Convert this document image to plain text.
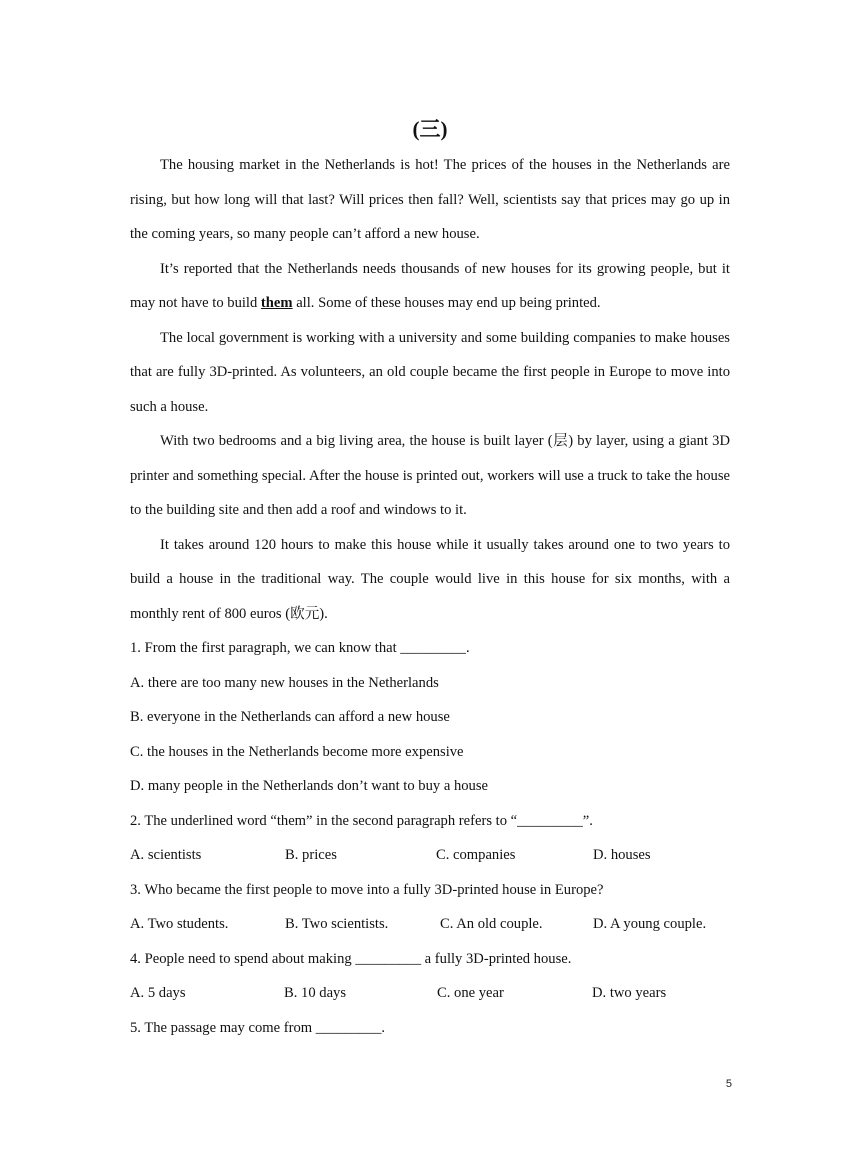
(三)

The housing market in the Netherlands is hot! The prices of the houses in the Netherlands are rising, but how long will that last? Will prices then fall? Well, scientists say that prices may go up in the coming years, so many people can’t afford a new house.

It’s reported that the Netherlands needs thousands of new houses for its growing people, but it may not have to build them all. Some of these houses may end up being printed.

The local government is working with a university and some building companies to make houses that are fully 3D-printed. As volunteers, an old couple became the first people in Europe to move into such a house.

With two bedrooms and a big living area, the house is built layer (层) by layer, using a giant 3D printer and something special. After the house is printed out, workers will use a truck to take the house to the building site and then add a roof and windows to it.

It takes around 120 hours to make this house while it usually takes around one to two years to build a house in the traditional way. The couple would live in this house for six months, with a monthly rent of 800 euros (欧元).

1. From the first paragraph, we can know that _________.

A. there are too many new houses in the Netherlands

B. everyone in the Netherlands can afford a new house

C. the houses in the Netherlands become more expensive

D. many people in the Netherlands don’t want to buy a house

2. The underlined word “them” in the second paragraph refers to “_________”.

A. scientists	B. prices	C. companies	D. houses

3. Who became the first people to move into a fully 3D-printed house in Europe?

A. Two students.	B. Two scientists.	C. An old couple.	D. A young couple.

4. People need to spend about making _________ a fully 3D-printed house.

A. 5 days	B. 10 days	C. one year	D. two years

5. The passage may come from _________.

5
